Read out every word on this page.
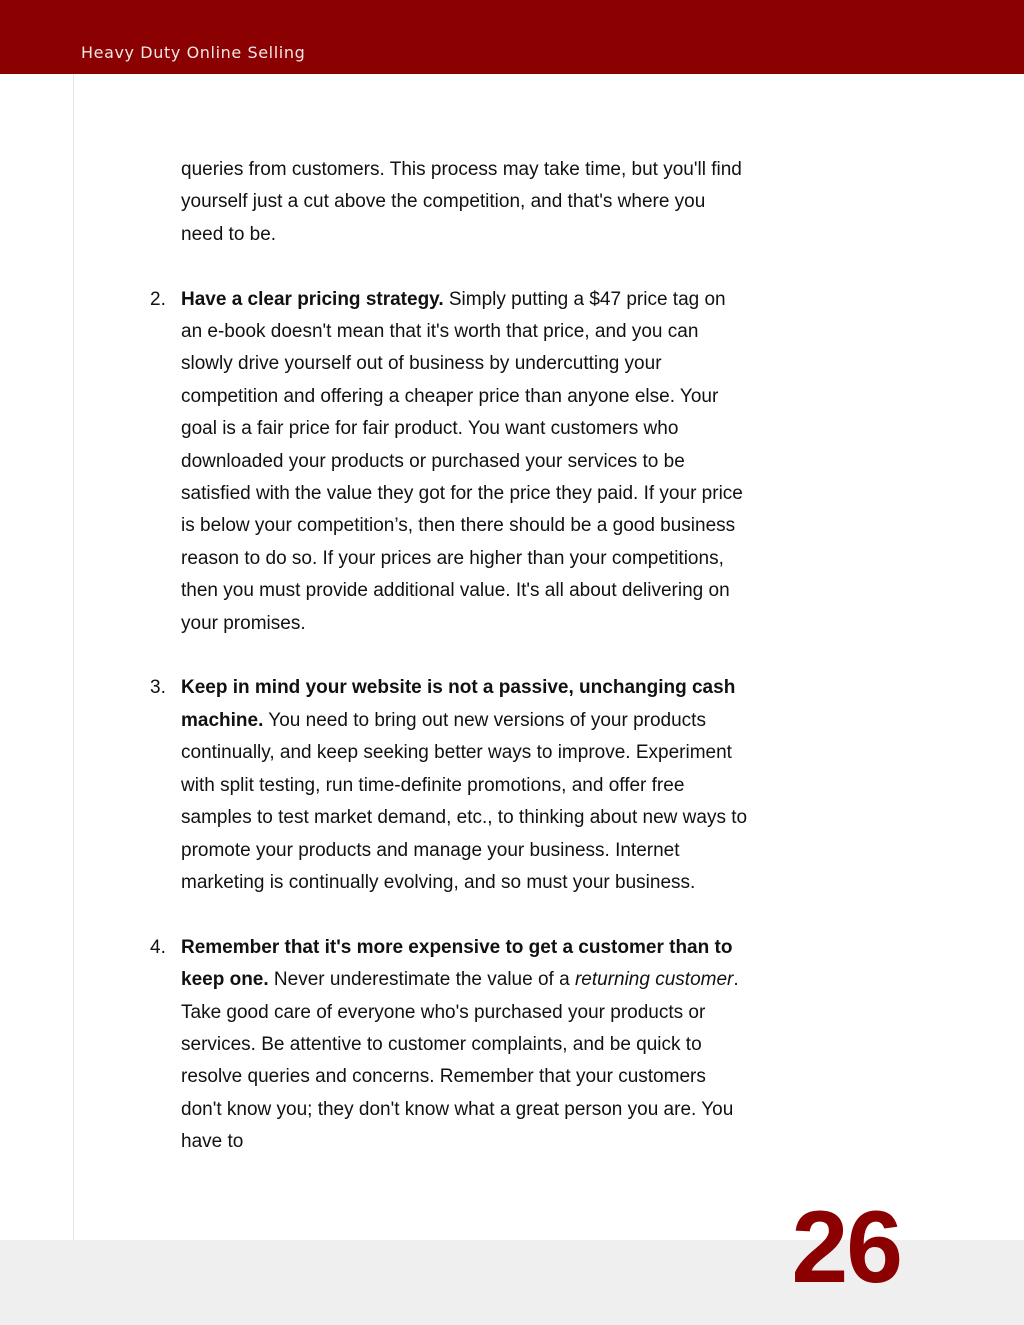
Heavy Duty Online Selling

queries from customers. This process may take time, but you'll find yourself just a cut above the competition, and that's where you need to be.

2. Have a clear pricing strategy. Simply putting a $47 price tag on an e-book doesn't mean that it's worth that price, and you can slowly drive yourself out of business by undercutting your competition and offering a cheaper price than anyone else. Your goal is a fair price for fair product. You want customers who downloaded your products or purchased your services to be satisfied with the value they got for the price they paid. If your price is below your competition’s, then there should be a good business reason to do so. If your prices are higher than your competitions, then you must provide additional value. It's all about delivering on your promises.
3. Keep in mind your website is not a passive, unchanging cash machine. You need to bring out new versions of your products continually, and keep seeking better ways to improve. Experiment with split testing, run time-definite promotions, and offer free samples to test market demand, etc., to thinking about new ways to promote your products and manage your business. Internet marketing is continually evolving, and so must your business.
4. Remember that it's more expensive to get a customer than to keep one. Never underestimate the value of a returning customer. Take good care of everyone who's purchased your products or services. Be attentive to customer complaints, and be quick to resolve queries and concerns. Remember that your customers don't know you; they don't know what a great person you are. You have to
26
